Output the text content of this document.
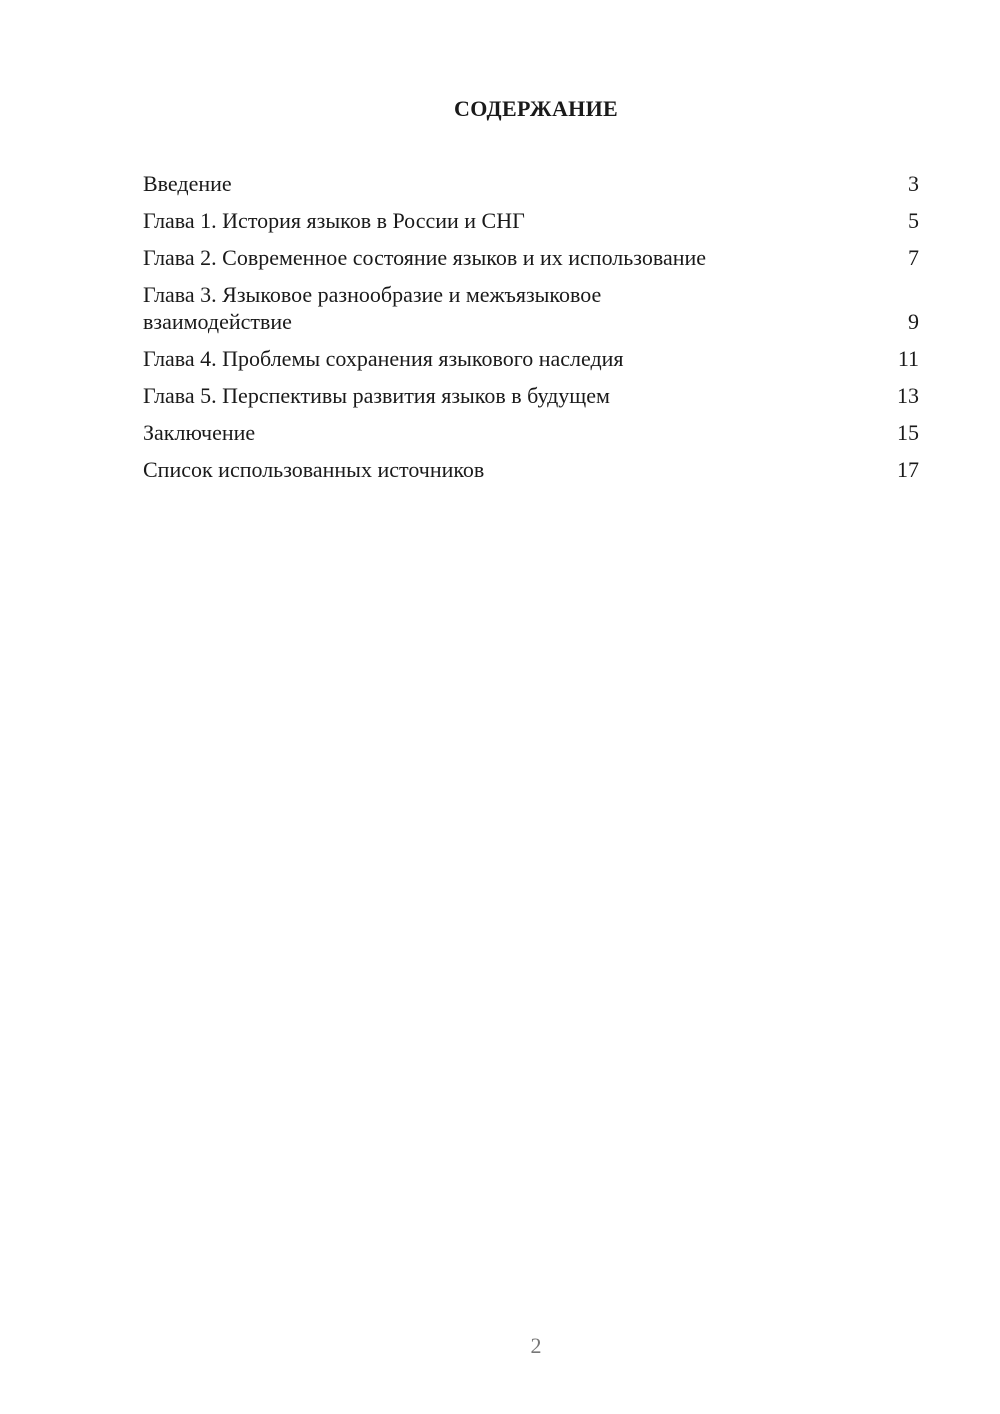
СОДЕРЖАНИЕ
Введение	3
Глава 1. История языков в России и СНГ	5
Глава 2. Современное состояние языков и их использование	7
Глава 3. Языковое разнообразие и межъязыковое взаимодействие	9
Глава 4. Проблемы сохранения языкового наследия	11
Глава 5. Перспективы развития языков в будущем	13
Заключение	15
Список использованных источников	17
2
